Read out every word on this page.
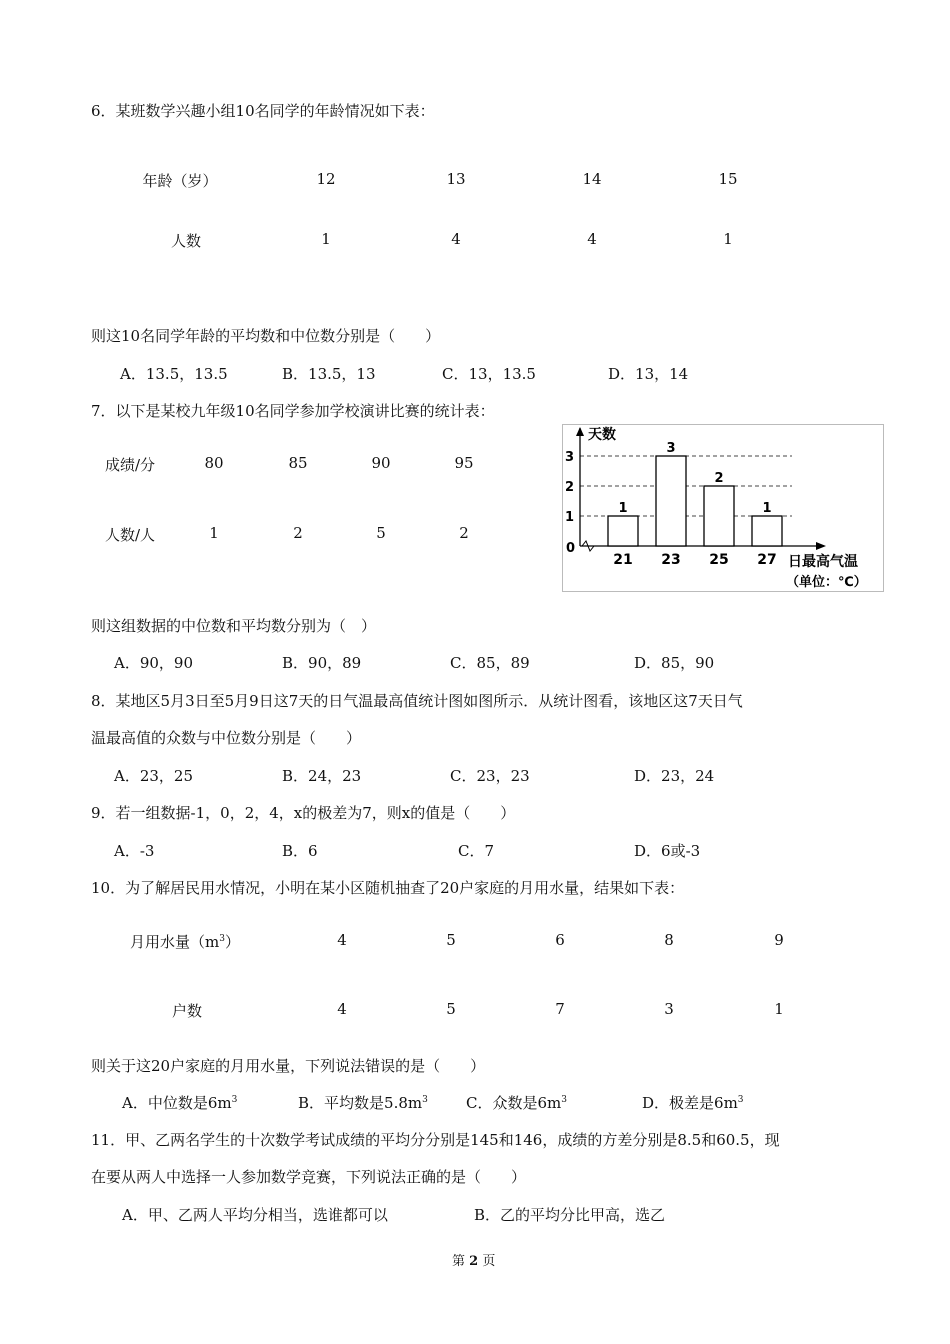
6．某班数学兴趣小组10名同学的年龄情况如下表：
年龄（岁）	12	13	14	15
人数	1	4	4	1
则这10名同学年龄的平均数和中位数分别是（　　）
A．13.5，13.5	B．13.5，13	C．13，13.5	D．13，14
7．以下是某校九年级10名同学参加学校演讲比赛的统计表：
成绩/分	80	85	90	95
人数/人	1	2	5	2
1
2
3
天数
0
1
21
3
23
2
25
1
27 日最高气温
（单位：℃）
则这组数据的中位数和平均数分别为（　）
A．90，90	B．90，89	C．85，89	D．85，90
8．某地区5月3日至5月9日这7天的日气温最高值统计图如图所示．从统计图看，该地区这7天日气
温最高值的众数与中位数分别是（　　）
A．23，25	B．24，23	C．23，23	D．23，24
9．若一组数据-1，0，2，4，x的极差为7，则x的值是（　　）
A．-3	B．6	C．7	D．6或-3
10．为了解居民用水情况，小明在某小区随机抽查了20户家庭的月用水量，结果如下表：
月用水量$(m^3)$	4	5	6	8	9
户数	4	5	7	3	1
则关于这20户家庭的月用水量，下列说法错误的是（　　）
A．中位数是$6m^3$	B．平均数是$5.8m^3$	C．众数是$6m^3$	D．极差是$6m^3$
11．甲、乙两名学生的十次数学考试成绩的平均分分别是145和146，成绩的方差分别是8.5和60.5，现
在要从两人中选择一人参加数学竞赛，下列说法正确的是（　　）
A．甲、乙两人平均分相当，选谁都可以	B．乙的平均分比甲高，选乙
第 2 页
